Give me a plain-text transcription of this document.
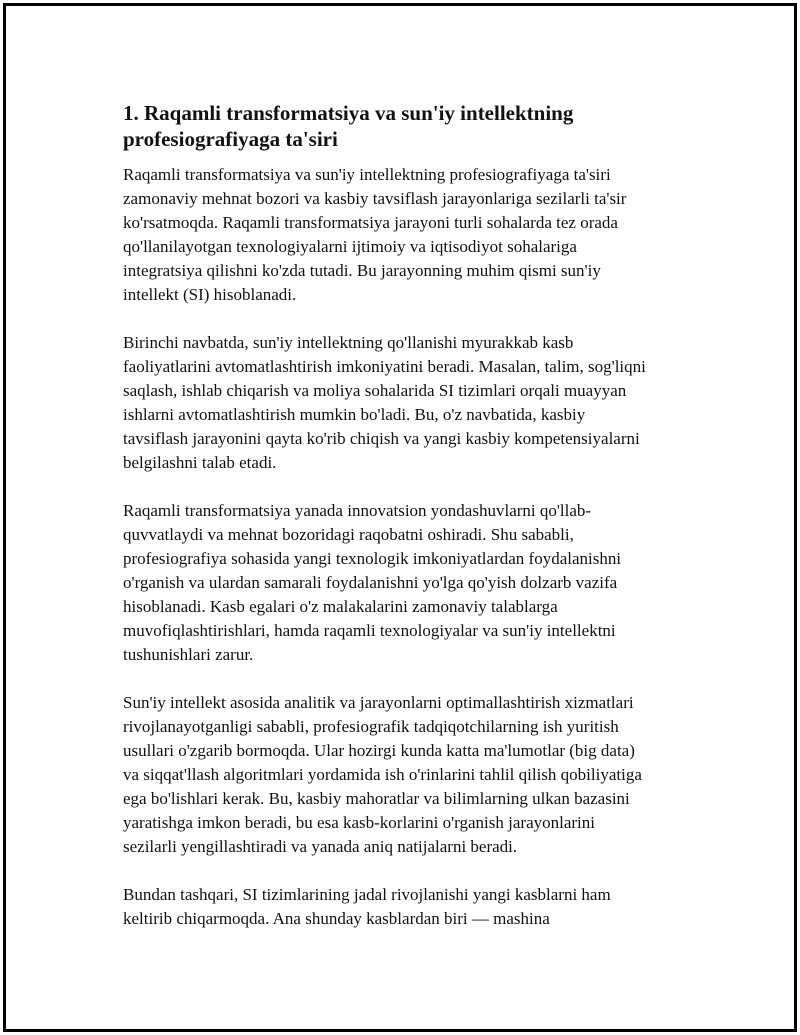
1. Raqamli transformatsiya va sun'iy intellektning
profesiografiyaga ta'siri

Raqamli transformatsiya va sun'iy intellektning profesiografiyaga ta'siri
zamonaviy mehnat bozori va kasbiy tavsiflash jarayonlariga sezilarli ta'sir
ko'rsatmoqda. Raqamli transformatsiya jarayoni turli sohalarda tez orada
qo'llanilayotgan texnologiyalarni ijtimoiy va iqtisodiyot sohalariga
integratsiya qilishni ko'zda tutadi. Bu jarayonning muhim qismi sun'iy
intellekt (SI) hisoblanadi.

Birinchi navbatda, sun'iy intellektning qo'llanishi myurakkab kasb
faoliyatlarini avtomatlashtirish imkoniyatini beradi. Masalan, talim, sog'liqni
saqlash, ishlab chiqarish va moliya sohalarida SI tizimlari orqali muayyan
ishlarni avtomatlashtirish mumkin bo'ladi. Bu, o'z navbatida, kasbiy
tavsiflash jarayonini qayta ko'rib chiqish va yangi kasbiy kompetensiyalarni
belgilashni talab etadi.

Raqamli transformatsiya yanada innovatsion yondashuvlarni qo'llab-
quvvatlaydi va mehnat bozoridagi raqobatni oshiradi. Shu sababli,
profesiografiya sohasida yangi texnologik imkoniyatlardan foydalanishni
o'rganish va ulardan samarali foydalanishni yo'lga qo'yish dolzarb vazifa
hisoblanadi. Kasb egalari o'z malakalarini zamonaviy talablarga
muvofiqlashtirishlari, hamda raqamli texnologiyalar va sun'iy intellektni
tushunishlari zarur.

Sun'iy intellekt asosida analitik va jarayonlarni optimallashtirish xizmatlari
rivojlanayotganligi sababli, profesiografik tadqiqotchilarning ish yuritish
usullari o'zgarib bormoqda. Ular hozirgi kunda katta ma'lumotlar (big data)
va siqqat'llash algoritmlari yordamida ish o'rinlarini tahlil qilish qobiliyatiga
ega bo'lishlari kerak. Bu, kasbiy mahoratlar va bilimlarning ulkan bazasini
yaratishga imkon beradi, bu esa kasb-korlarini o'rganish jarayonlarini
sezilarli yengillashtiradi va yanada aniq natijalarni beradi.

Bundan tashqari, SI tizimlarining jadal rivojlanishi yangi kasblarni ham
keltirib chiqarmoqda. Ana shunday kasblardan biri — mashina
